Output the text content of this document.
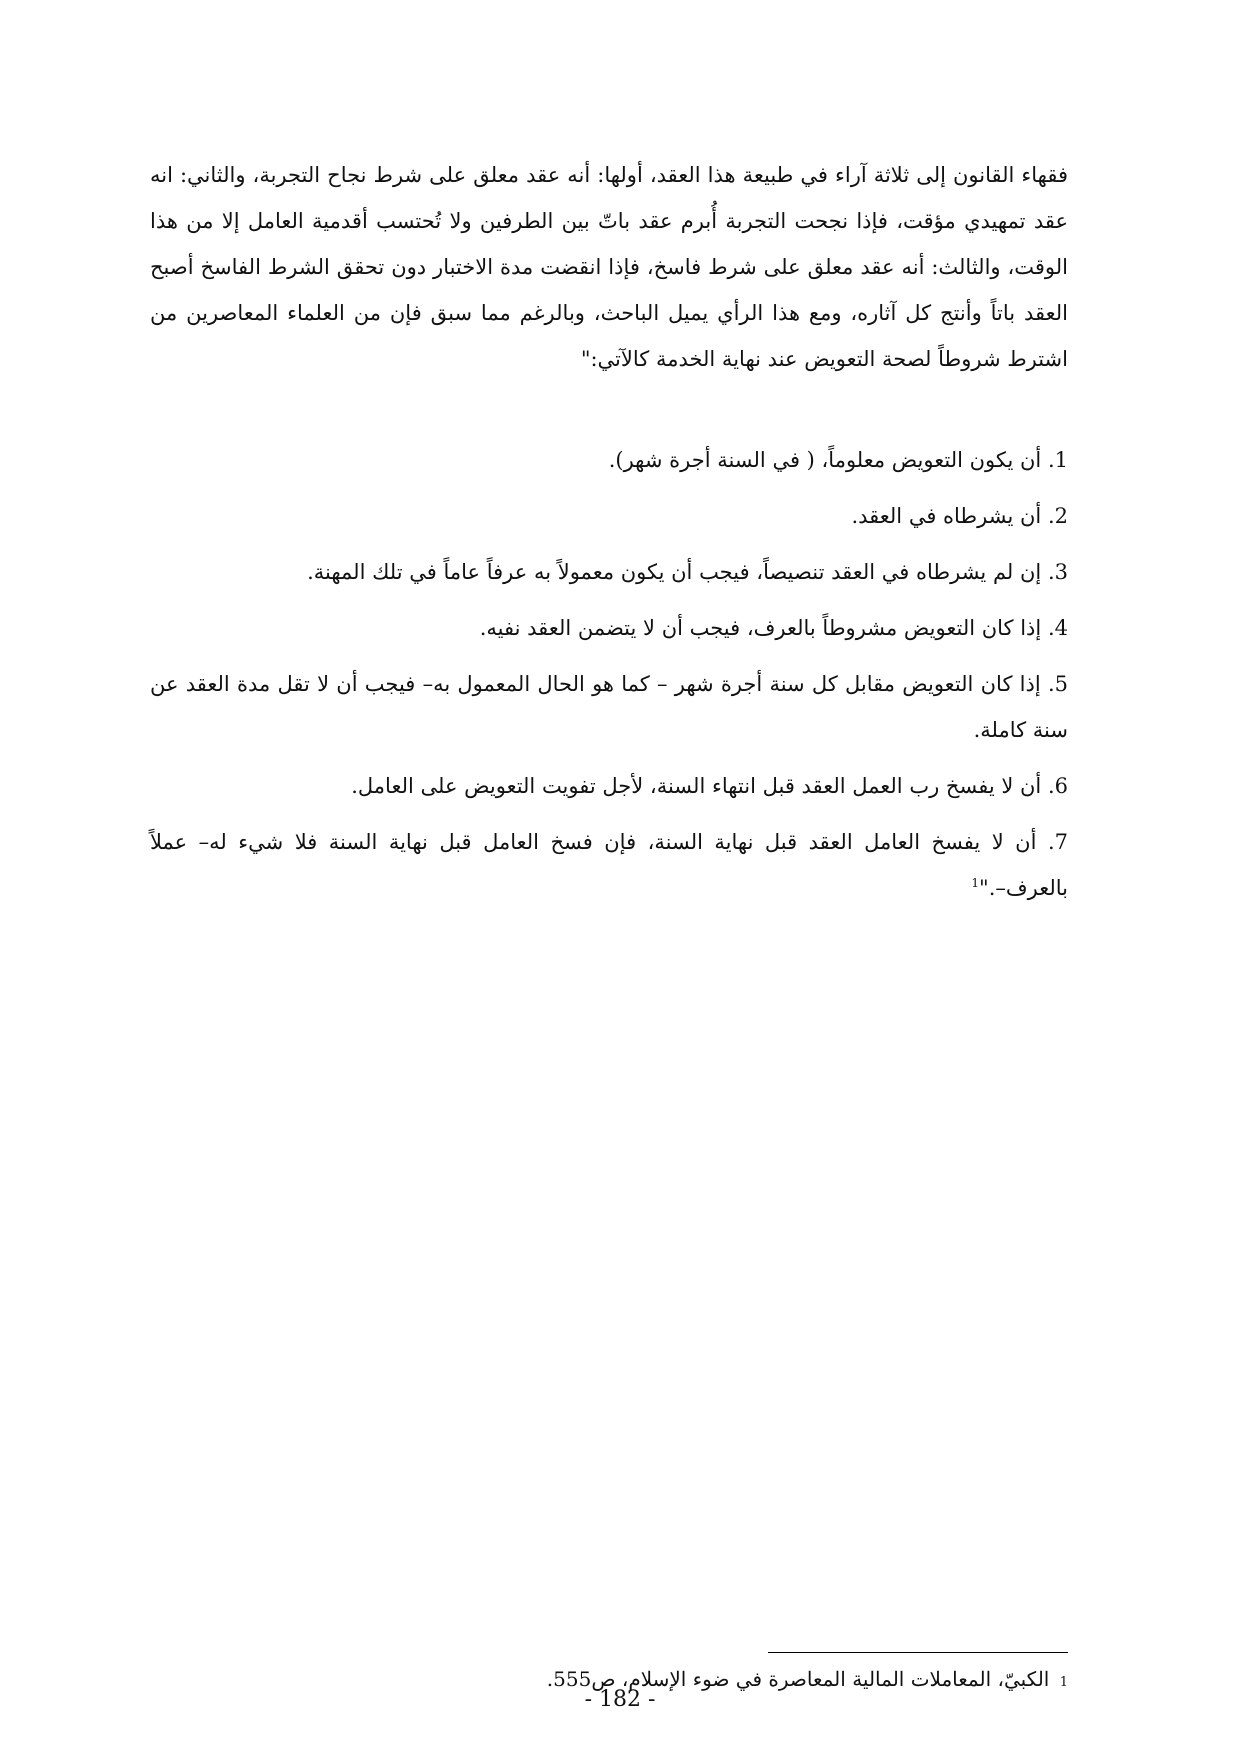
فقهاء القانون إلى ثلاثة آراء في طبيعة هذا العقد، أولها: أنه عقد معلق على شرط نجاح التجربة، والثاني: انه عقد تمهيدي مؤقت، فإذا نجحت التجربة أُبرم عقد باتّ بين الطرفين ولا تُحتسب أقدمية العامل إلا من هذا الوقت، والثالث: أنه عقد معلق على شرط فاسخ، فإذا انقضت مدة الاختبار دون تحقق الشرط الفاسخ أصبح العقد باتاً وأنتج كل آثاره، ومع هذا الرأي يميل الباحث، وبالرغم مما سبق فإن من العلماء المعاصرين من اشترط شروطاً لصحة التعويض عند نهاية الخدمة كالآتي:"

1. أن يكون التعويض معلوماً، ( في السنة أجرة شهر).
2. أن يشرطاه في العقد.
3. إن لم يشرطاه في العقد تنصيصاً، فيجب أن يكون معمولاً به عرفاً عاماً في تلك المهنة.
4. إذا كان التعويض مشروطاً بالعرف، فيجب أن لا يتضمن العقد نفيه.
5. إذا كان التعويض مقابل كل سنة أجرة شهر – كما هو الحال المعمول به– فيجب أن لا تقل مدة العقد عن سنة كاملة.
6. أن لا يفسخ رب العمل العقد قبل انتهاء السنة، لأجل تفويت التعويض على العامل.
7. أن لا يفسخ العامل العقد قبل نهاية السنة، فإن فسخ العامل قبل نهاية السنة فلا شيء له– عملاً بالعرف–."$^1$
1 الكبيّ، المعاملات المالية المعاصرة في ضوء الإسلام، ص555.
- 182 -
